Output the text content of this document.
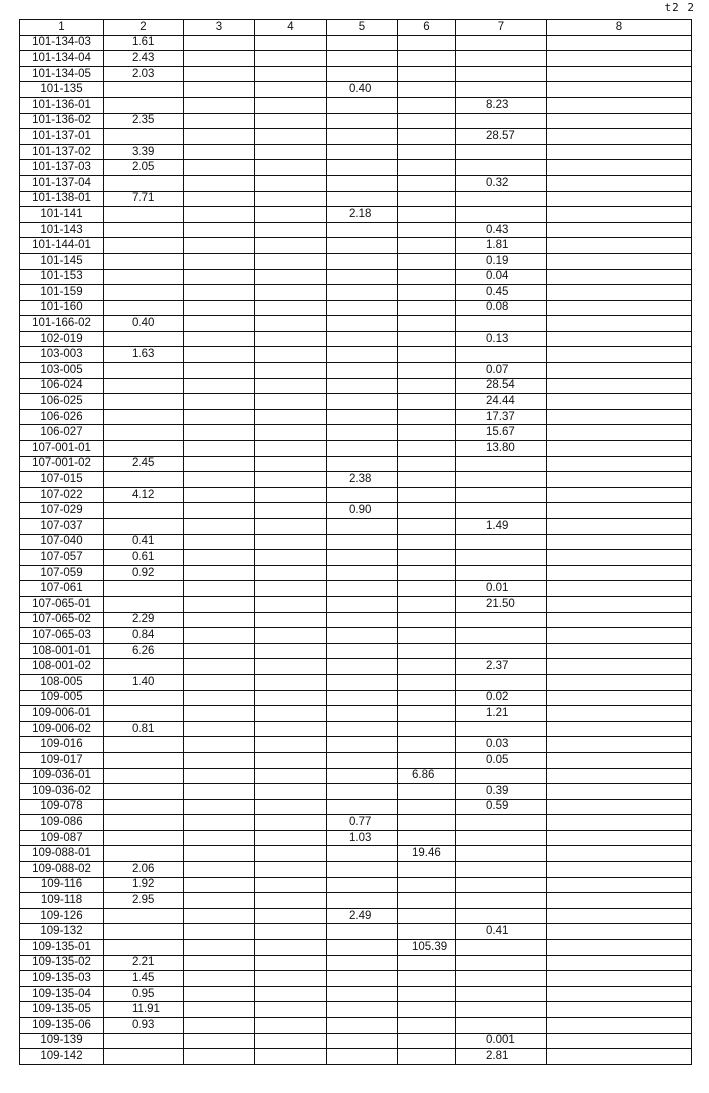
t2 2
1	2	3	4	5	6	7	8
101-134-03	1.61						
101-134-04	2.43						
101-134-05	2.03						
101-135				0.40			
101-136-01						8.23	
101-136-02	2.35						
101-137-01						28.57	
101-137-02	3.39						
101-137-03	2.05						
101-137-04						0.32	
101-138-01	7.71						
101-141				2.18			
101-143						0.43	
101-144-01						1.81	
101-145						0.19	
101-153						0.04	
101-159						0.45	
101-160						0.08	
101-166-02	0.40						
102-019						0.13	
103-003	1.63						
103-005						0.07	
106-024						28.54	
106-025						24.44	
106-026						17.37	
106-027						15.67	
107-001-01						13.80	
107-001-02	2.45						
107-015				2.38			
107-022	4.12						
107-029				0.90			
107-037						1.49	
107-040	0.41						
107-057	0.61						
107-059	0.92						
107-061						0.01	
107-065-01						21.50	
107-065-02	2.29						
107-065-03	0.84						
108-001-01	6.26						
108-001-02						2.37	
108-005	1.40						
109-005						0.02	
109-006-01						1.21	
109-006-02	0.81						
109-016						0.03	
109-017						0.05	
109-036-01					6.86		
109-036-02						0.39	
109-078						0.59	
109-086				0.77			
109-087				1.03			
109-088-01					19.46		
109-088-02	2.06						
109-116	1.92						
109-118	2.95						
109-126				2.49			
109-132						0.41	
109-135-01					105.39		
109-135-02	2.21						
109-135-03	1.45						
109-135-04	0.95						
109-135-05	11.91						
109-135-06	0.93						
109-139						0.001	
109-142						2.81	
